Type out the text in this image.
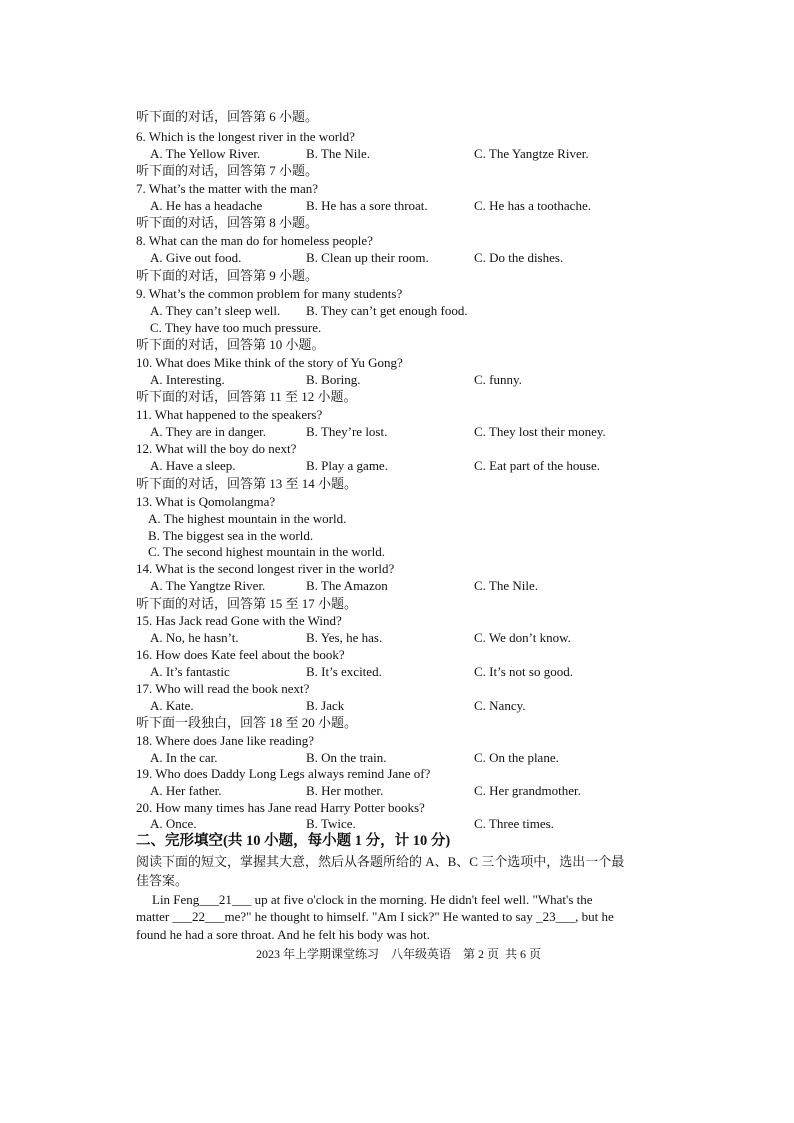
听下面的对话，回答第 6 小题。
6. Which is the longest river in the world?

A. The Yellow River.

	B. The Nile.

	C. The Yangtze River.

听下面的对话，回答第 7 小题。
7. What’s the matter with the man?

A. He has a headache

	B. He has a sore throat.

	C. He has a toothache.

听下面的对话，回答第 8 小题。
8. What can the man do for homeless people?

A. Give out food.

	B. Clean up their room.

	C. Do the dishes.

听下面的对话，回答第 9 小题。
9. What’s the common problem for many students?

A. They can’t sleep well.

B. They can’t get enough food.

C. They have too much pressure.

听下面的对话，回答第 10 小题。
10. What does Mike think of the story of Yu Gong?

A. Interesting.

	B. Boring.

	C. funny.

听下面的对话，回答第 11 至 12 小题。
11. What happened to the speakers?

A. They are in danger.

	B. They’re lost.

	C. They lost their money.

12. What will the boy do next?

A. Have a sleep.

	B. Play a game.

	C. Eat part of the house.

听下面的对话，回答第 13 至 14 小题。
13. What is Qomolangma?
A. The highest mountain in the world.
B. The biggest sea in the world.
C. The second highest mountain in the world.
14. What is the second longest river in the world?

A. The Yangtze River.

	B. The Amazon

	C. The Nile.

听下面的对话，回答第 15 至 17 小题。
15. Has Jack read Gone with the Wind?

A. No, he hasn’t.

	B. Yes, he has.

	C. We don’t know.

16. How does Kate feel about the book?

A. It’s fantastic

	B. It’s excited.

	C. It’s not so good.

17. Who will read the book next?

A. Kate.

	B. Jack

	C. Nancy.

听下面一段独白，回答 18 至 20 小题。
18. Where does Jane like reading?

A. In the car.

	B. On the train.

	C. On the plane.

19. Who does Daddy Long Legs always remind Jane of?

A. Her father.

	B. Her mother.

	C. Her grandmother.

20. How many times has Jane read Harry Potter books?

A. Once.

	B. Twice.

	C. Three times.

二、完形填空(共 10 小题，每小题 1 分，计 10 分)
阅读下面的短文，掌握其大意，然后从各题所给的 A、B、C 三个选项中，选出一个最
佳答案。

Lin Feng___21___ up at five o'clock in the morning. He didn't feel well. "What's the

matter ___22___me?" he thought to himself. "Am I sick?" He wanted to say _23___, but he

found he had a sore throat. And he felt his body was hot.
2023 年上学期课堂练习    八年级英语    第 2 页  共 6 页
